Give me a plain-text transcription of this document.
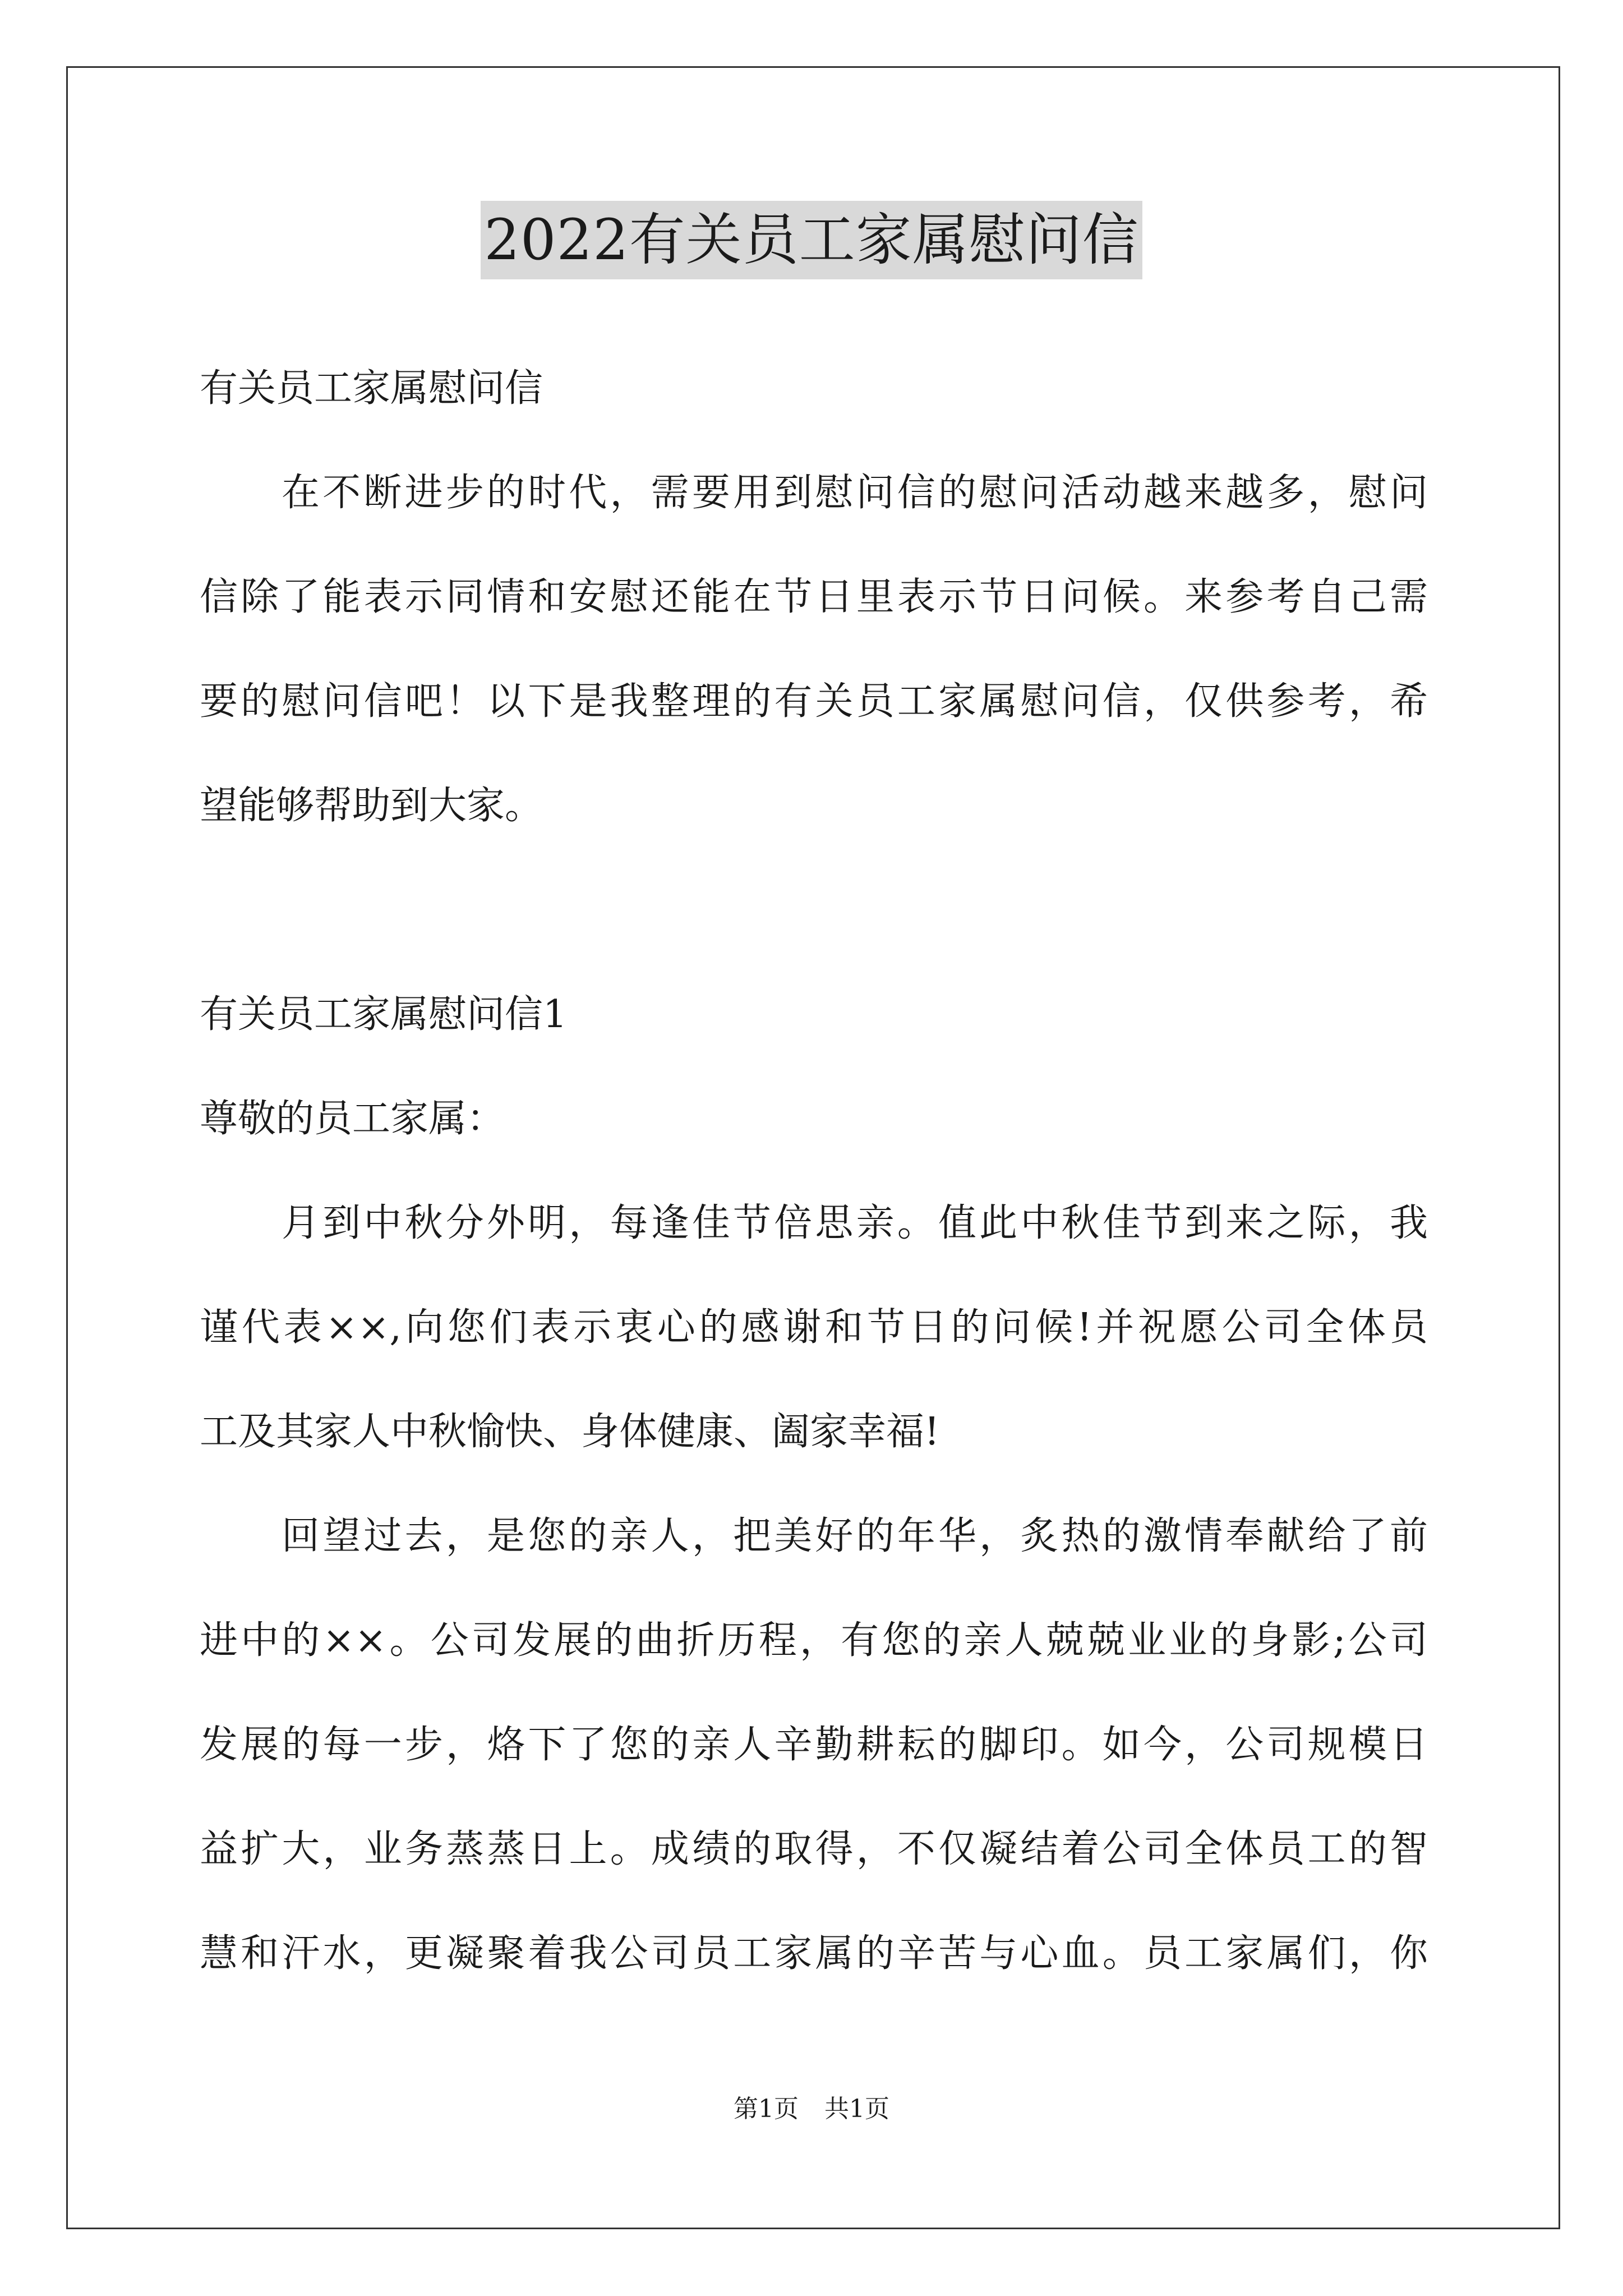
2022有关员工家属慰问信
有关员工家属慰问信
在不断进步的时代，需要用到慰问信的慰问活动越来越多，慰问
信除了能表示同情和安慰还能在节日里表示节日问候。来参考自己需
要的慰问信吧！以下是我整理的有关员工家属慰问信，仅供参考，希
望能够帮助到大家。
有关员工家属慰问信1
尊敬的员工家属：
月到中秋分外明，每逢佳节倍思亲。值此中秋佳节到来之际，我
谨代表××,向您们表示衷心的感谢和节日的问候!并祝愿公司全体员
工及其家人中秋愉快、身体健康、阖家幸福!
回望过去，是您的亲人，把美好的年华，炙热的激情奉献给了前
进中的××。公司发展的曲折历程，有您的亲人兢兢业业的身影;公司
发展的每一步，烙下了您的亲人辛勤耕耘的脚印。如今，公司规模日
益扩大，业务蒸蒸日上。成绩的取得，不仅凝结着公司全体员工的智
慧和汗水，更凝聚着我公司员工家属的辛苦与心血。员工家属们，你
第1页 共1页
